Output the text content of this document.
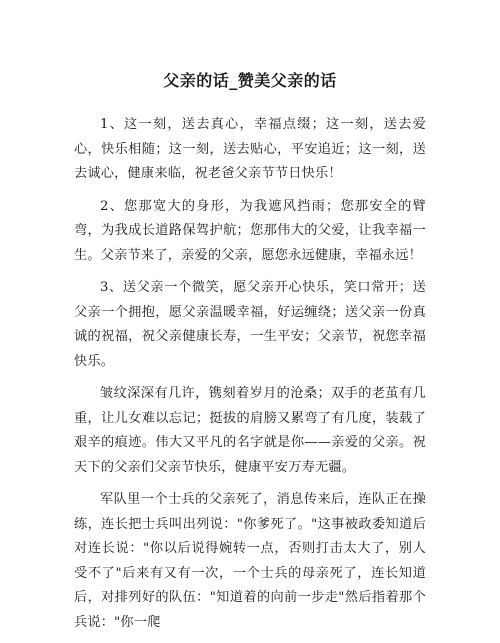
父亲的话_赞美父亲的话

1、这一刻，送去真心，幸福点缀；这一刻，送去爱心，快乐相随；这一刻，送去贴心，平安追近；这一刻，送去诚心，健康来临，祝老爸父亲节节日快乐！

2、您那宽大的身形，为我遮风挡雨；您那安全的臂弯，为我成长道路保驾护航；您那伟大的父爱，让我幸福一生。父亲节来了，亲爱的父亲，愿您永远健康，幸福永远！

3、送父亲一个微笑，愿父亲开心快乐，笑口常开；送父亲一个拥抱，愿父亲温暖幸福，好运缠绕；送父亲一份真诚的祝福，祝父亲健康长寿，一生平安；父亲节，祝您幸福快乐。

皱纹深深有几许，镌刻着岁月的沧桑；双手的老茧有几重，让儿女难以忘记；挺拔的肩膀又累弯了有几度，装载了艰辛的痕迹。伟大又平凡的名字就是你——亲爱的父亲。祝天下的父亲们父亲节快乐，健康平安万寿无疆。

军队里一个士兵的父亲死了，消息传来后，连队正在操练，连长把士兵叫出列说："你爹死了。"这事被政委知道后对连长说："你以后说得婉转一点，否则打击太大了，别人受不了"后来有又有一次，一个士兵的母亲死了，连长知道后，对排列好的队伍："知道着的向前一步走"然后指着那个兵说："你一爬
